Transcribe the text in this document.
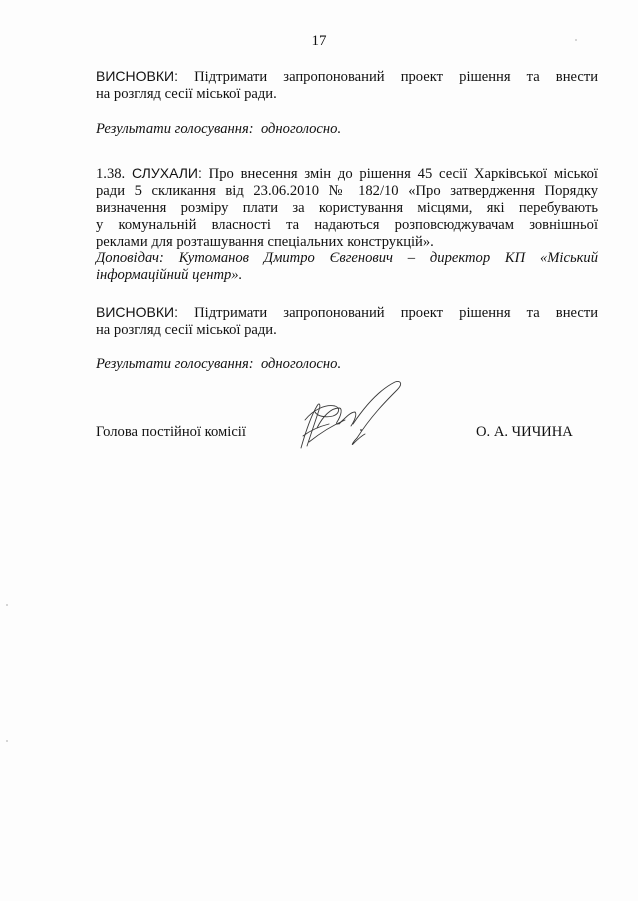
17
ВИСНОВКИ: Підтримати запропонований проект рішення та внести
на розгляд сесії міської ради.
Результати голосування: одноголосно.
1.38. СЛУХАЛИ: Про внесення змін до рішення 45 сесії Харківської міської
ради 5 скликання від 23.06.2010 № 182/10 «Про затвердження Порядку
визначення розміру плати за користування місцями, які перебувають
у комунальній власності та надаються розповсюджувачам зовнішньої
реклами для розташування спеціальних конструкцій».
Доповідач: Кутоманов Дмитро Євгенович – директор КП «Міський
інформаційний центр».
ВИСНОВКИ: Підтримати запропонований проект рішення та внести
на розгляд сесії міської ради.
Результати голосування: одноголосно.
Голова постійної комісії	О. А. ЧИЧИНА
